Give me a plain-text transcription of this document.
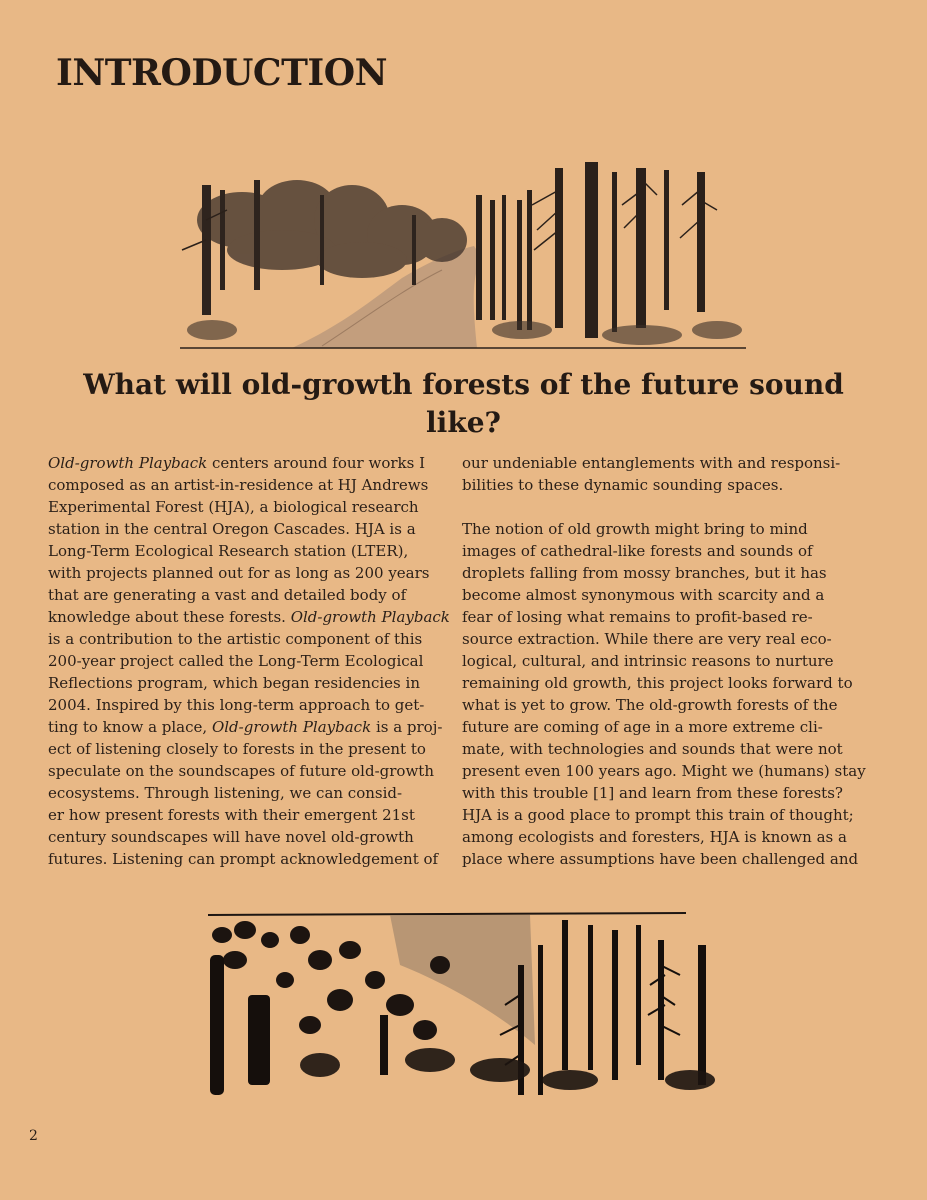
INTRODUCTION
What will old-growth forests of the future sound like?
Old-growth Playback centers around four works I
composed as an artist-in-residence at HJ Andrews
Experimental Forest (HJA), a biological research
station in the central Oregon Cascades. HJA is a
Long-Term Ecological Research station (LTER),
with projects planned out for as long as 200 years
that are generating a vast and detailed body of
knowledge about these forests. Old-growth Playback
is a contribution to the artistic component of this
200-year project called the Long-Term Ecological
Reflections program, which began residencies in
2004. Inspired by this long-term approach to get-
ting to know a place, Old-growth Playback is a proj-
ect of listening closely to forests in the present to
speculate on the soundscapes of future old-growth
ecosystems. Through listening, we can consid-
er how present forests with their emergent 21st
century soundscapes will have novel old-growth
futures. Listening can prompt acknowledgement of

our undeniable entanglements with and responsi-
bilities to these dynamic sounding spaces.

The notion of old growth might bring to mind
images of cathedral-like forests and sounds of
droplets falling from mossy branches, but it has
become almost synonymous with scarcity and a
fear of losing what remains to profit-based re-
source extraction. While there are very real eco-
logical, cultural, and intrinsic reasons to nurture
remaining old growth, this project looks forward to
what is yet to grow. The old-growth forests of the
future are coming of age in a more extreme cli-
mate, with technologies and sounds that were not
present even 100 years ago. Might we (humans) stay
with this trouble [1] and learn from these forests?
HJA is a good place to prompt this train of thought;
among ecologists and foresters, HJA is known as a
place where assumptions have been challenged and

2
